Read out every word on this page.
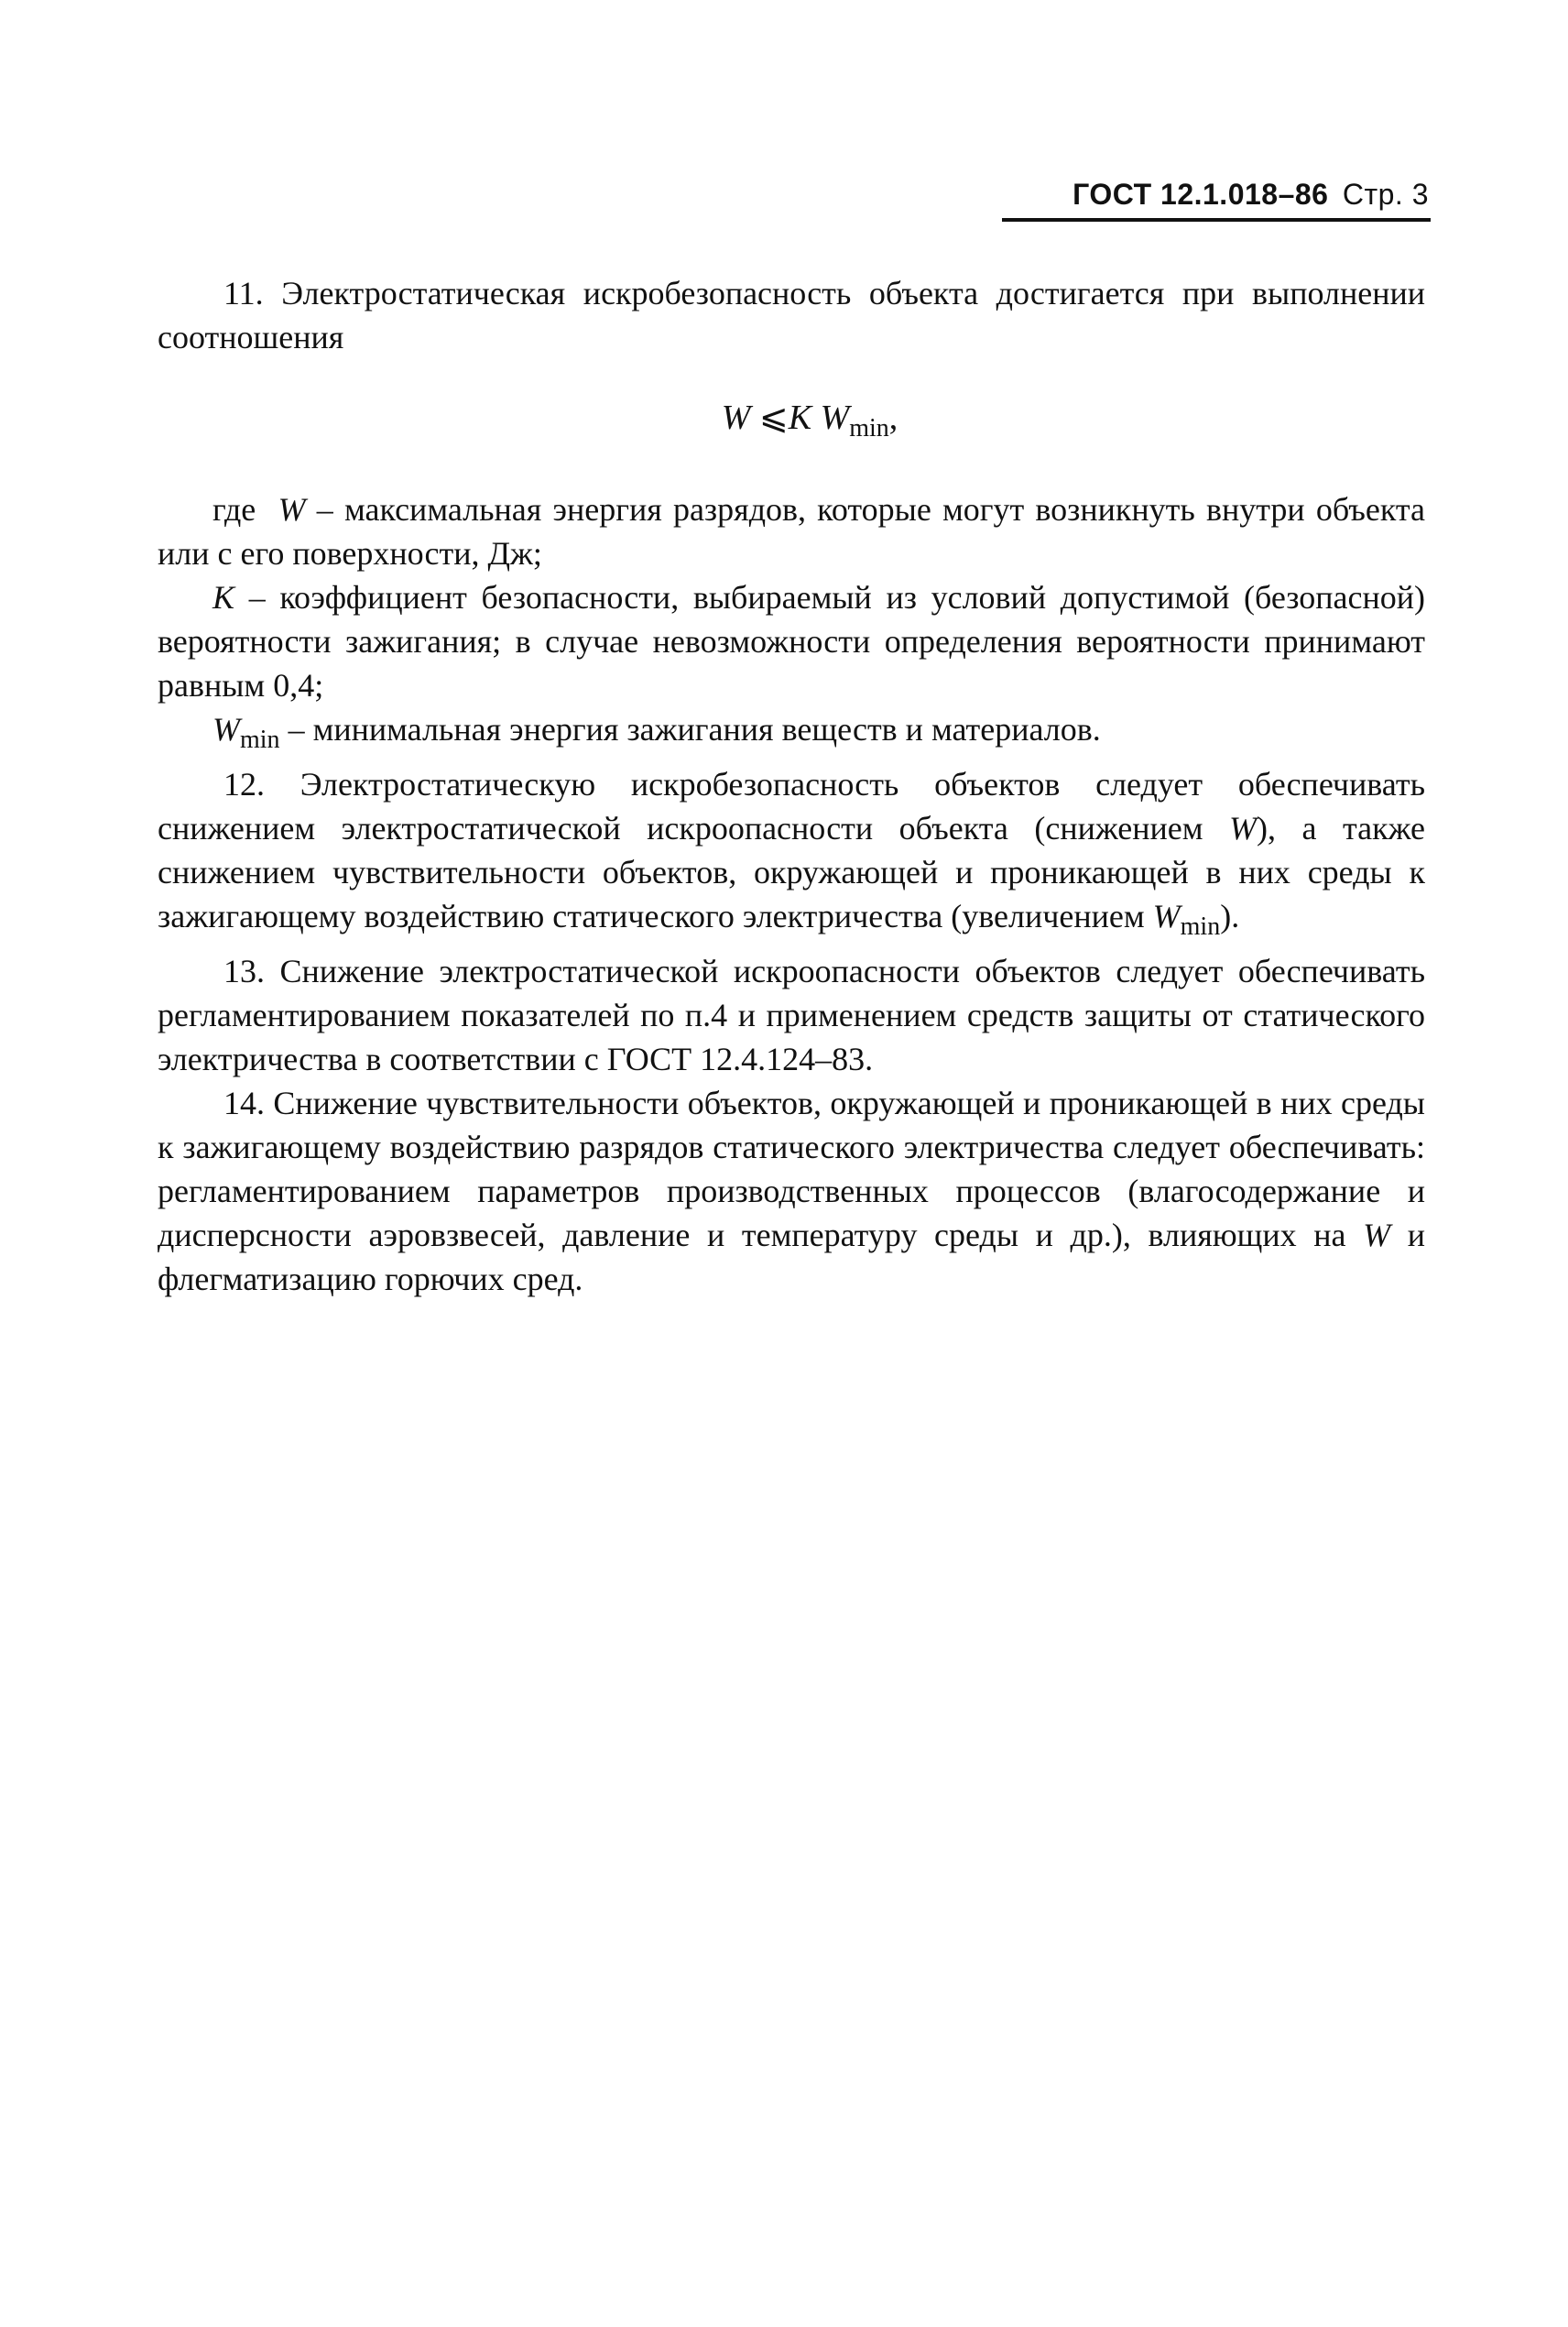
ГОСТ 12.1.018–86 Стр. 3

11. Электростатическая искробезопасность объекта достигается при выполнении соотношения

W ⩽K $W_{min}$,

где W – максимальная энергия разрядов, которые могут возникнуть внутри объекта или с его поверхности, Дж;

K – коэффициент безопасности, выбираемый из условий допустимой (безопасной) вероятности зажигания; в случае невозможности определения вероятности принимают равным 0,4;

$W_{min}$ – минимальная энергия зажигания веществ и материалов.

12. Электростатическую искробезопасность объектов следует обеспечивать снижением электростатической искроопасности объекта (снижением W), а также снижением чувствительности объектов, окружающей и проникающей в них среды к зажигающему воздействию статического электричества (увеличением $W_{min}$).

13. Снижение электростатической искроопасности объектов следует обеспечивать регламентированием показателей по п.4 и применением средств защиты от статического электричества в соответствии с ГОСТ 12.4.124–83.

14. Снижение чувствительности объектов, окружающей и проникающей в них среды к зажигающему воздействию разрядов статического электричества следует обеспечивать: регламентированием параметров производственных процессов (влагосодержание и дисперсности аэровзвесей, давление и температуру среды и др.), влияющих на W и флегматизацию горючих сред.
